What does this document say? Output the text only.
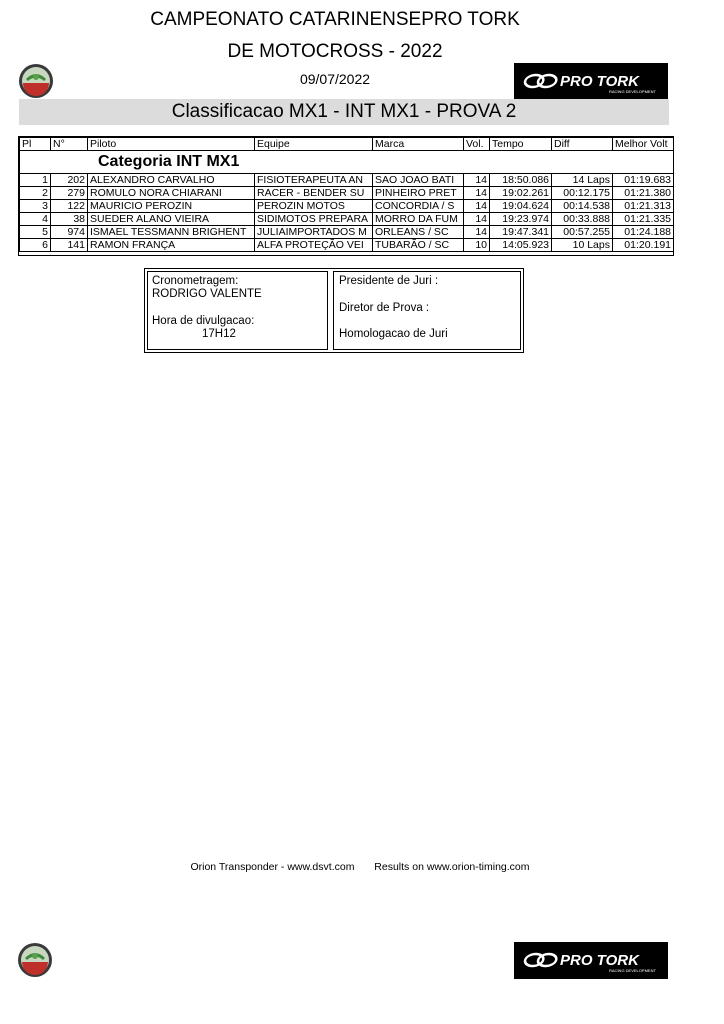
PRO TORK
RACING DEVELOPMENT
CAMPEONATO CATARINENSEPRO TORK
DE MOTOCROSS - 2022
09/07/2022
Classificacao MX1 - INT MX1 - PROVA 2
Pl	N°	Piloto	Equipe	Marca	Vol.	Tempo	Diff	Melhor Volt
Categoria INT MX1								
1	202	ALEXANDRO CARVALHO	FISIOTERAPEUTA AN	SAO JOAO BATI	14	18:50.086	14 Laps	01:19.683
2	279	ROMULO NORA CHIARANI	RACER - BENDER SU	PINHEIRO PRET	14	19:02.261	00:12.175	01:21.380
3	122	MAURICIO PEROZIN	PEROZIN MOTOS	CONCORDIA / S	14	19:04.624	00:14.538	01:21.313
4	38	SUEDER ALANO VIEIRA	SIDIMOTOS PREPARA	MORRO DA FUM	14	19:23.974	00:33.888	01:21.335
5	974	ISMAEL TESSMANN BRIGHENT	JULIAIMPORTADOS M	ORLEANS / SC	14	19:47.341	00:57.255	01:24.188
6	141	RAMON FRANÇA	ALFA PROTEÇÃO VEI	TUBARÃO / SC	10	14:05.923	10 Laps	01:20.191

Cronometragem:
RODRIGO VALENTE
Hora de divulgacao:
17H12
Presidente de Juri :
Diretor de Prova :
Homologacao de Juri
Orion Transponder - www.dsvt.com Results on www.orion-timing.com
PRO TORK
RACING DEVELOPMENT
